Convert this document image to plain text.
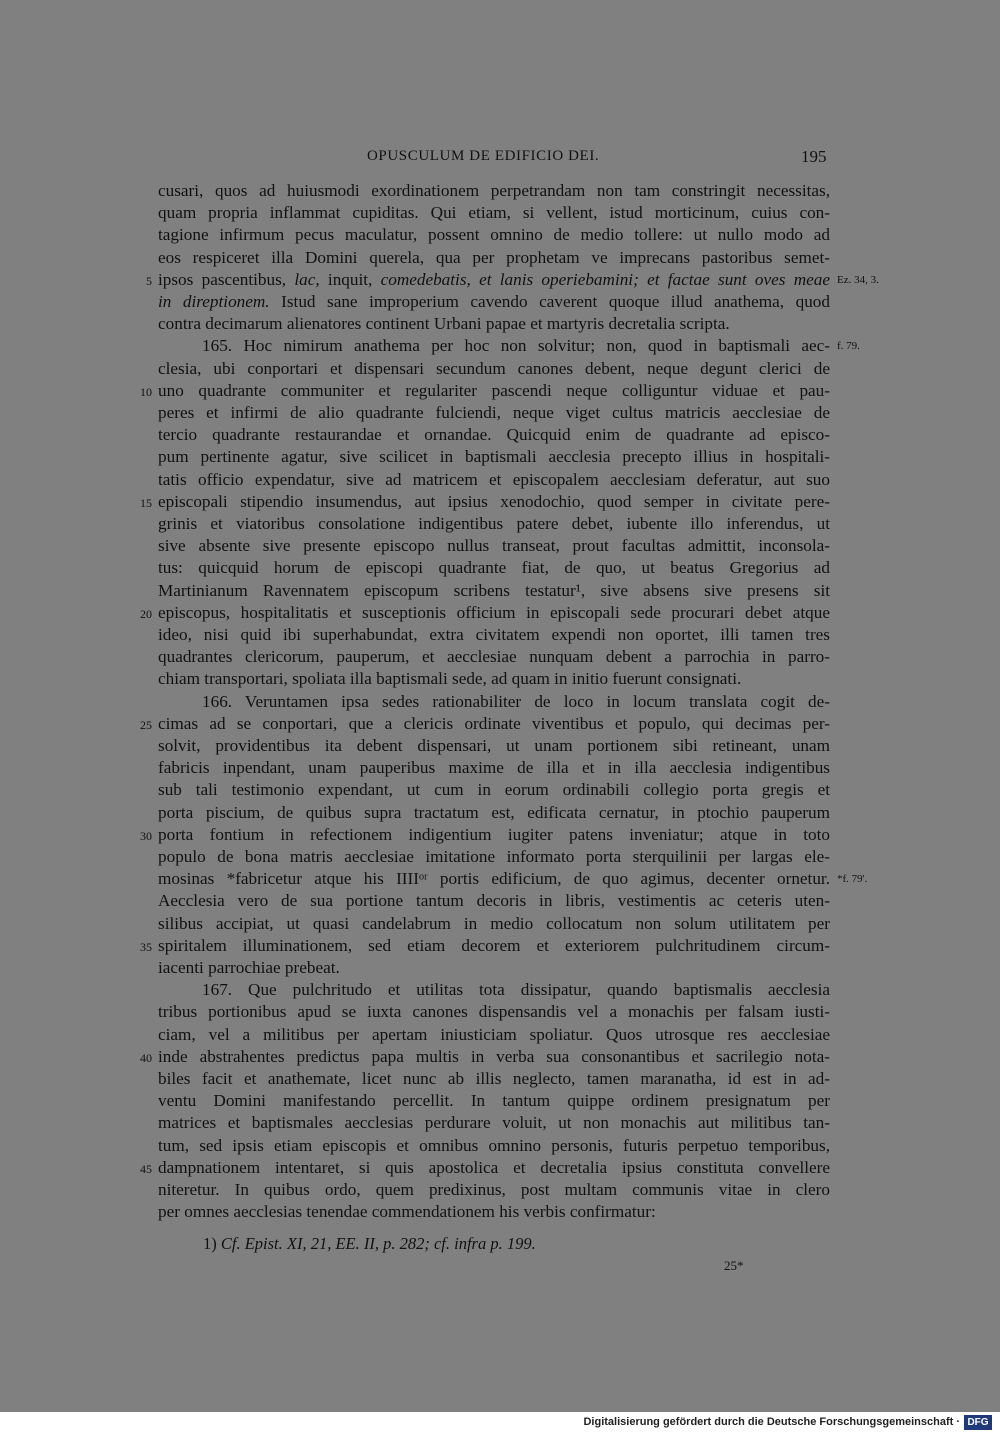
OPUSCULUM DE EDIFICIO DEI.	195
cusari, quos ad huiusmodi exordinationem perpetrandam non tam constringit necessitas,
quam propria inflammat cupiditas. Qui etiam, si vellent, istud morticinum, cuius con-
tagione infirmum pecus maculatur, possent omnino de medio tollere: ut nullo modo ad
eos respiceret illa Domini querela, qua per prophetam ve imprecans pastoribus semet-
ipsos pascentibus, lac, inquit, comedebatis, et lanis operiebamini; et factae sunt oves meae
5	Ez. 34, 3.
in direptionem. Istud sane improperium cavendo caverent quoque illud anathema, quod
contra decimarum alienatores continent Urbani papae et martyris decretalia scripta.
165. Hoc nimirum anathema per hoc non solvitur; non, quod in baptismali aec- f. 79.
clesia, ubi conportari et dispensari secundum canones debent, neque degunt clerici de
uno quadrante communiter et regulariter pascendi neque colliguntur viduae et pau-
10
peres et infirmi de alio quadrante fulciendi, neque viget cultus matricis aecclesiae de
tercio quadrante restaurandae et ornandae. Quicquid enim de quadrante ad episco-
pum pertinente agatur, sive scilicet in baptismali aecclesia precepto illius in hospitali-
tatis officio expendatur, sive ad matricem et episcopalem aecclesiam deferatur, aut suo
episcopali stipendio insumendus, aut ipsius xenodochio, quod semper in civitate pere-
15
grinis et viatoribus consolatione indigentibus patere debet, iubente illo inferendus, ut
sive absente sive presente episcopo nullus transeat, prout facultas admittit, inconsola-
tus: quicquid horum de episcopi quadrante fiat, de quo, ut beatus Gregorius ad
Martinianum Ravennatem episcopum scribens testatur¹, sive absens sive presens sit
episcopus, hospitalitatis et susceptionis officium in episcopali sede procurari debet atque
20
ideo, nisi quid ibi superhabundat, extra civitatem expendi non oportet, illi tamen tres
quadrantes clericorum, pauperum, et aecclesiae nunquam debent a parrochia in parro-
chiam transportari, spoliata illa baptismali sede, ad quam in initio fuerunt consignati.
166. Veruntamen ipsa sedes rationabiliter de loco in locum translata cogit de-
cimas ad se conportari, que a clericis ordinate viventibus et populo, qui decimas per-
25
solvit, providentibus ita debent dispensari, ut unam portionem sibi retineant, unam
fabricis inpendant, unam pauperibus maxime de illa et in illa aecclesia indigentibus
sub tali testimonio expendant, ut cum in eorum ordinabili collegio porta gregis et
porta piscium, de quibus supra tractatum est, edificata cernatur, in ptochio pauperum
porta fontium in refectionem indigentium iugiter patens inveniatur; atque in toto
30
populo de bona matris aecclesiae imitatione informato porta sterquilinii per largas ele-
mosinas *fabricetur atque his IIIIᵒʳ portis edificium, de quo agimus, decenter ornetur. *f. 79'.
Aecclesia vero de sua portione tantum decoris in libris, vestimentis ac ceteris uten-
silibus accipiat, ut quasi candelabrum in medio collocatum non solum utilitatem per
spiritalem illuminationem, sed etiam decorem et exteriorem pulchritudinem circum-
35
iacenti parrochiae prebeat.
167. Que pulchritudo et utilitas tota dissipatur, quando baptismalis aecclesia
tribus portionibus apud se iuxta canones dispensandis vel a monachis per falsam iusti-
ciam, vel a militibus per apertam iniusticiam spoliatur. Quos utrosque res aecclesiae
inde abstrahentes predictus papa multis in verba sua consonantibus et sacrilegio nota-
40
biles facit et anathemate, licet nunc ab illis neglecto, tamen maranatha, id est in ad-
ventu Domini manifestando percellit. In tantum quippe ordinem presignatum per
matrices et baptismales aecclesias perdurare voluit, ut non monachis aut militibus tan-
tum, sed ipsis etiam episcopis et omnibus omnino personis, futuris perpetuo temporibus,
dampnationem intentaret, si quis apostolica et decretalia ipsius constituta convellere
45
niteretur. In quibus ordo, quem predixinus, post multam communis vitae in clero
per omnes aecclesias tenendae commendationem his verbis confirmatur:
1) Cf. Epist. XI, 21, EE. II, p. 282; cf. infra p. 199.
25*
Digitalisierung gefördert durch die Deutsche Forschungsgemeinschaft · DFG
